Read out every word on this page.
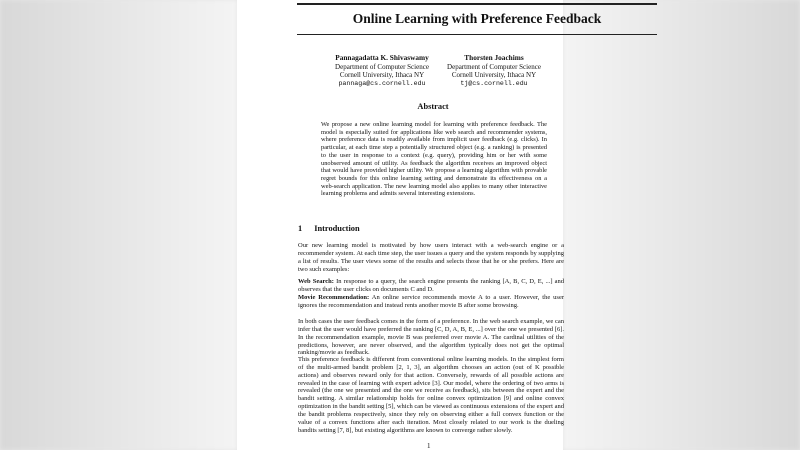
Online Learning with Preference Feedback
Pannagadatta K. Shivaswamy
Department of Computer Science
Cornell University, Ithaca NY
pannaga@cs.cornell.edu
Thorsten Joachims
Department of Computer Science
Cornell University, Ithaca NY
tj@cs.cornell.edu
Abstract
We propose a new online learning model for learning with preference feedback. The model is especially suited for applications like web search and recommender systems, where preference data is readily available from implicit user feedback (e.g. clicks). In particular, at each time step a potentially structured object (e.g. a ranking) is presented to the user in response to a context (e.g. query), providing him or her with some unobserved amount of utility. As feedback the algorithm receives an improved object that would have provided higher utility. We propose a learning algorithm with provable regret bounds for this online learning setting and demonstrate its effectiveness on a web-search application. The new learning model also applies to many other interactive learning problems and admits several interesting extensions.
1 Introduction
Our new learning model is motivated by how users interact with a web-search engine or a recommender system. At each time step, the user issues a query and the system responds by supplying a list of results. The user views some of the results and selects those that he or she prefers. Here are two such examples:
Web Search: In response to a query, the search engine presents the ranking [A, B, C, D, E, ...] and observes that the user clicks on documents C and D.
Movie Recommendation: An online service recommends movie A to a user. However, the user ignores the recommendation and instead rents another movie B after some browsing.
In both cases the user feedback comes in the form of a preference. In the web search example, we can infer that the user would have preferred the ranking [C, D, A, B, E, ...] over the one we presented [6]. In the recommendation example, movie B was preferred over movie A. The cardinal utilities of the predictions, however, are never observed, and the algorithm typically does not get the optimal ranking/movie as feedback.
This preference feedback is different from conventional online learning models. In the simplest form of the multi-armed bandit problem [2, 1, 3], an algorithm chooses an action (out of K possible actions) and observes reward only for that action. Conversely, rewards of all possible actions are revealed in the case of learning with expert advice [3]. Our model, where the ordering of two arms is revealed (the one we presented and the one we receive as feedback), sits between the expert and the bandit setting. A similar relationship holds for online convex optimization [9] and online convex optimization in the bandit setting [5], which can be viewed as continuous extensions of the expert and the bandit problems respectively, since they rely on observing either a full convex function or the value of a convex functions after each iteration. Most closely related to our work is the dueling bandits setting [7, 8], but existing algorithms are known to converge rather slowly.
1
